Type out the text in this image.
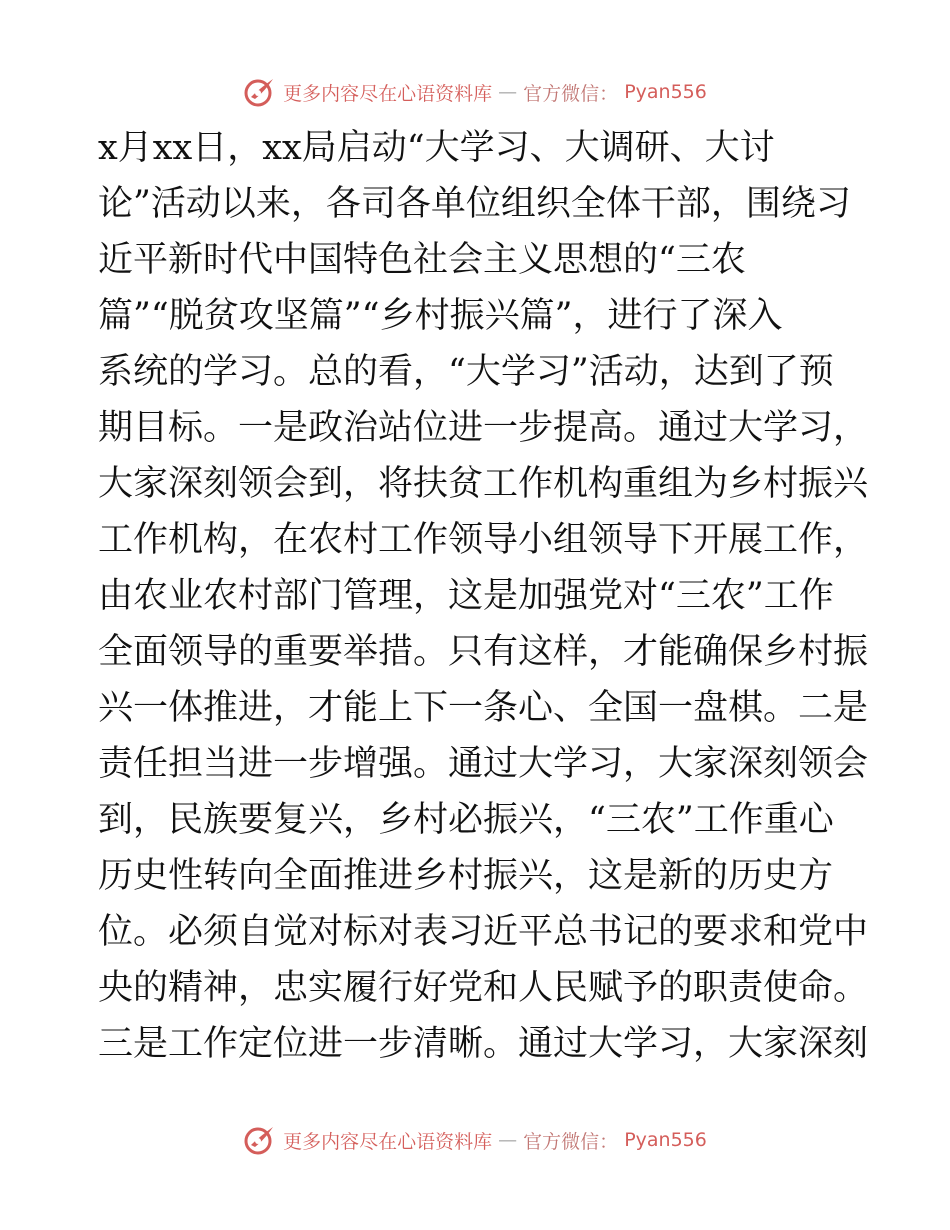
更多内容尽在心语资料库 — 官方微信： Pyan556
x月xx日，xx局启动“大学习、大调研、大讨
论”活动以来，各司各单位组织全体干部，围绕习
近平新时代中国特色社会主义思想的“三农
篇”“脱贫攻坚篇”“乡村振兴篇”，进行了深入
系统的学习。总的看，“大学习”活动，达到了预
期目标。一是政治站位进一步提高。通过大学习，
大家深刻领会到，将扶贫工作机构重组为乡村振兴
工作机构，在农村工作领导小组领导下开展工作，
由农业农村部门管理，这是加强党对“三农”工作
全面领导的重要举措。只有这样，才能确保乡村振
兴一体推进，才能上下一条心、全国一盘棋。二是
责任担当进一步增强。通过大学习，大家深刻领会
到，民族要复兴，乡村必振兴，“三农”工作重心
历史性转向全面推进乡村振兴，这是新的历史方
位。必须自觉对标对表习近平总书记的要求和党中
央的精神，忠实履行好党和人民赋予的职责使命。
三是工作定位进一步清晰。通过大学习，大家深刻
更多内容尽在心语资料库 — 官方微信： Pyan556
